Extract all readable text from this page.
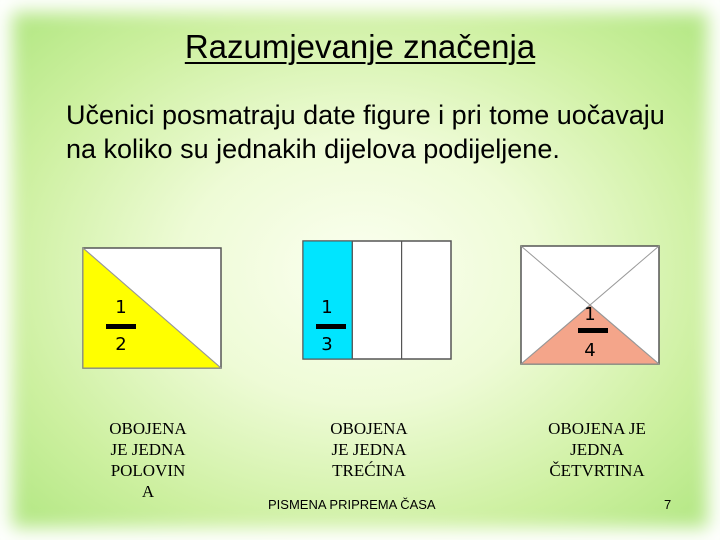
Razumjevanje značenja
Učenici posmatraju date figure i pri tome uočavaju na koliko su jednakih dijelova podijeljene.
1
2
1
3
1
4
OBOJENA
JE JEDNA
POLOVIN
A
OBOJENA
JE JEDNA
TREĆINA
OBOJENA JE
JEDNA
ČETVRTINA
PISMENA PRIPREMA ČASA	7
